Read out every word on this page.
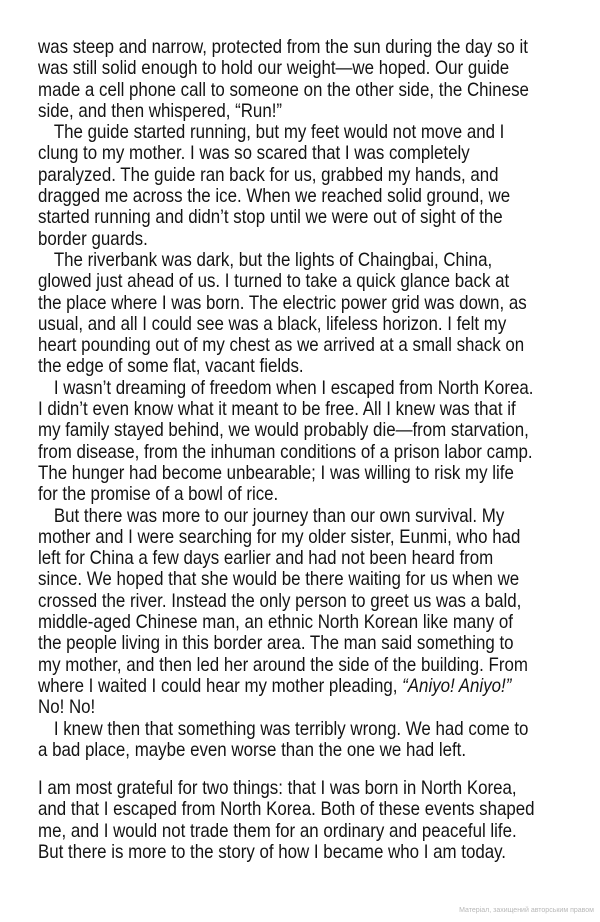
was steep and narrow, protected from the sun during the day so it
was still solid enough to hold our weight—we hoped. Our guide
made a cell phone call to someone on the other side, the Chinese
side, and then whispered, “Run!”
The guide started running, but my feet would not move and I
clung to my mother. I was so scared that I was completely
paralyzed. The guide ran back for us, grabbed my hands, and
dragged me across the ice. When we reached solid ground, we
started running and didn’t stop until we were out of sight of the
border guards.
The riverbank was dark, but the lights of Chaingbai, China,
glowed just ahead of us. I turned to take a quick glance back at
the place where I was born. The electric power grid was down, as
usual, and all I could see was a black, lifeless horizon. I felt my
heart pounding out of my chest as we arrived at a small shack on
the edge of some flat, vacant fields.
I wasn’t dreaming of freedom when I escaped from North Korea.
I didn’t even know what it meant to be free. All I knew was that if
my family stayed behind, we would probably die—from starvation,
from disease, from the inhuman conditions of a prison labor camp.
The hunger had become unbearable; I was willing to risk my life
for the promise of a bowl of rice.
But there was more to our journey than our own survival. My
mother and I were searching for my older sister, Eunmi, who had
left for China a few days earlier and had not been heard from
since. We hoped that she would be there waiting for us when we
crossed the river. Instead the only person to greet us was a bald,
middle-aged Chinese man, an ethnic North Korean like many of
the people living in this border area. The man said something to
my mother, and then led her around the side of the building. From
where I waited I could hear my mother pleading, “Aniyo! Aniyo!”
No! No!
I knew then that something was terribly wrong. We had come to
a bad place, maybe even worse than the one we had left.
I am most grateful for two things: that I was born in North Korea,
and that I escaped from North Korea. Both of these events shaped
me, and I would not trade them for an ordinary and peaceful life.
But there is more to the story of how I became who I am today.
Матеріал, захищений авторським правом
